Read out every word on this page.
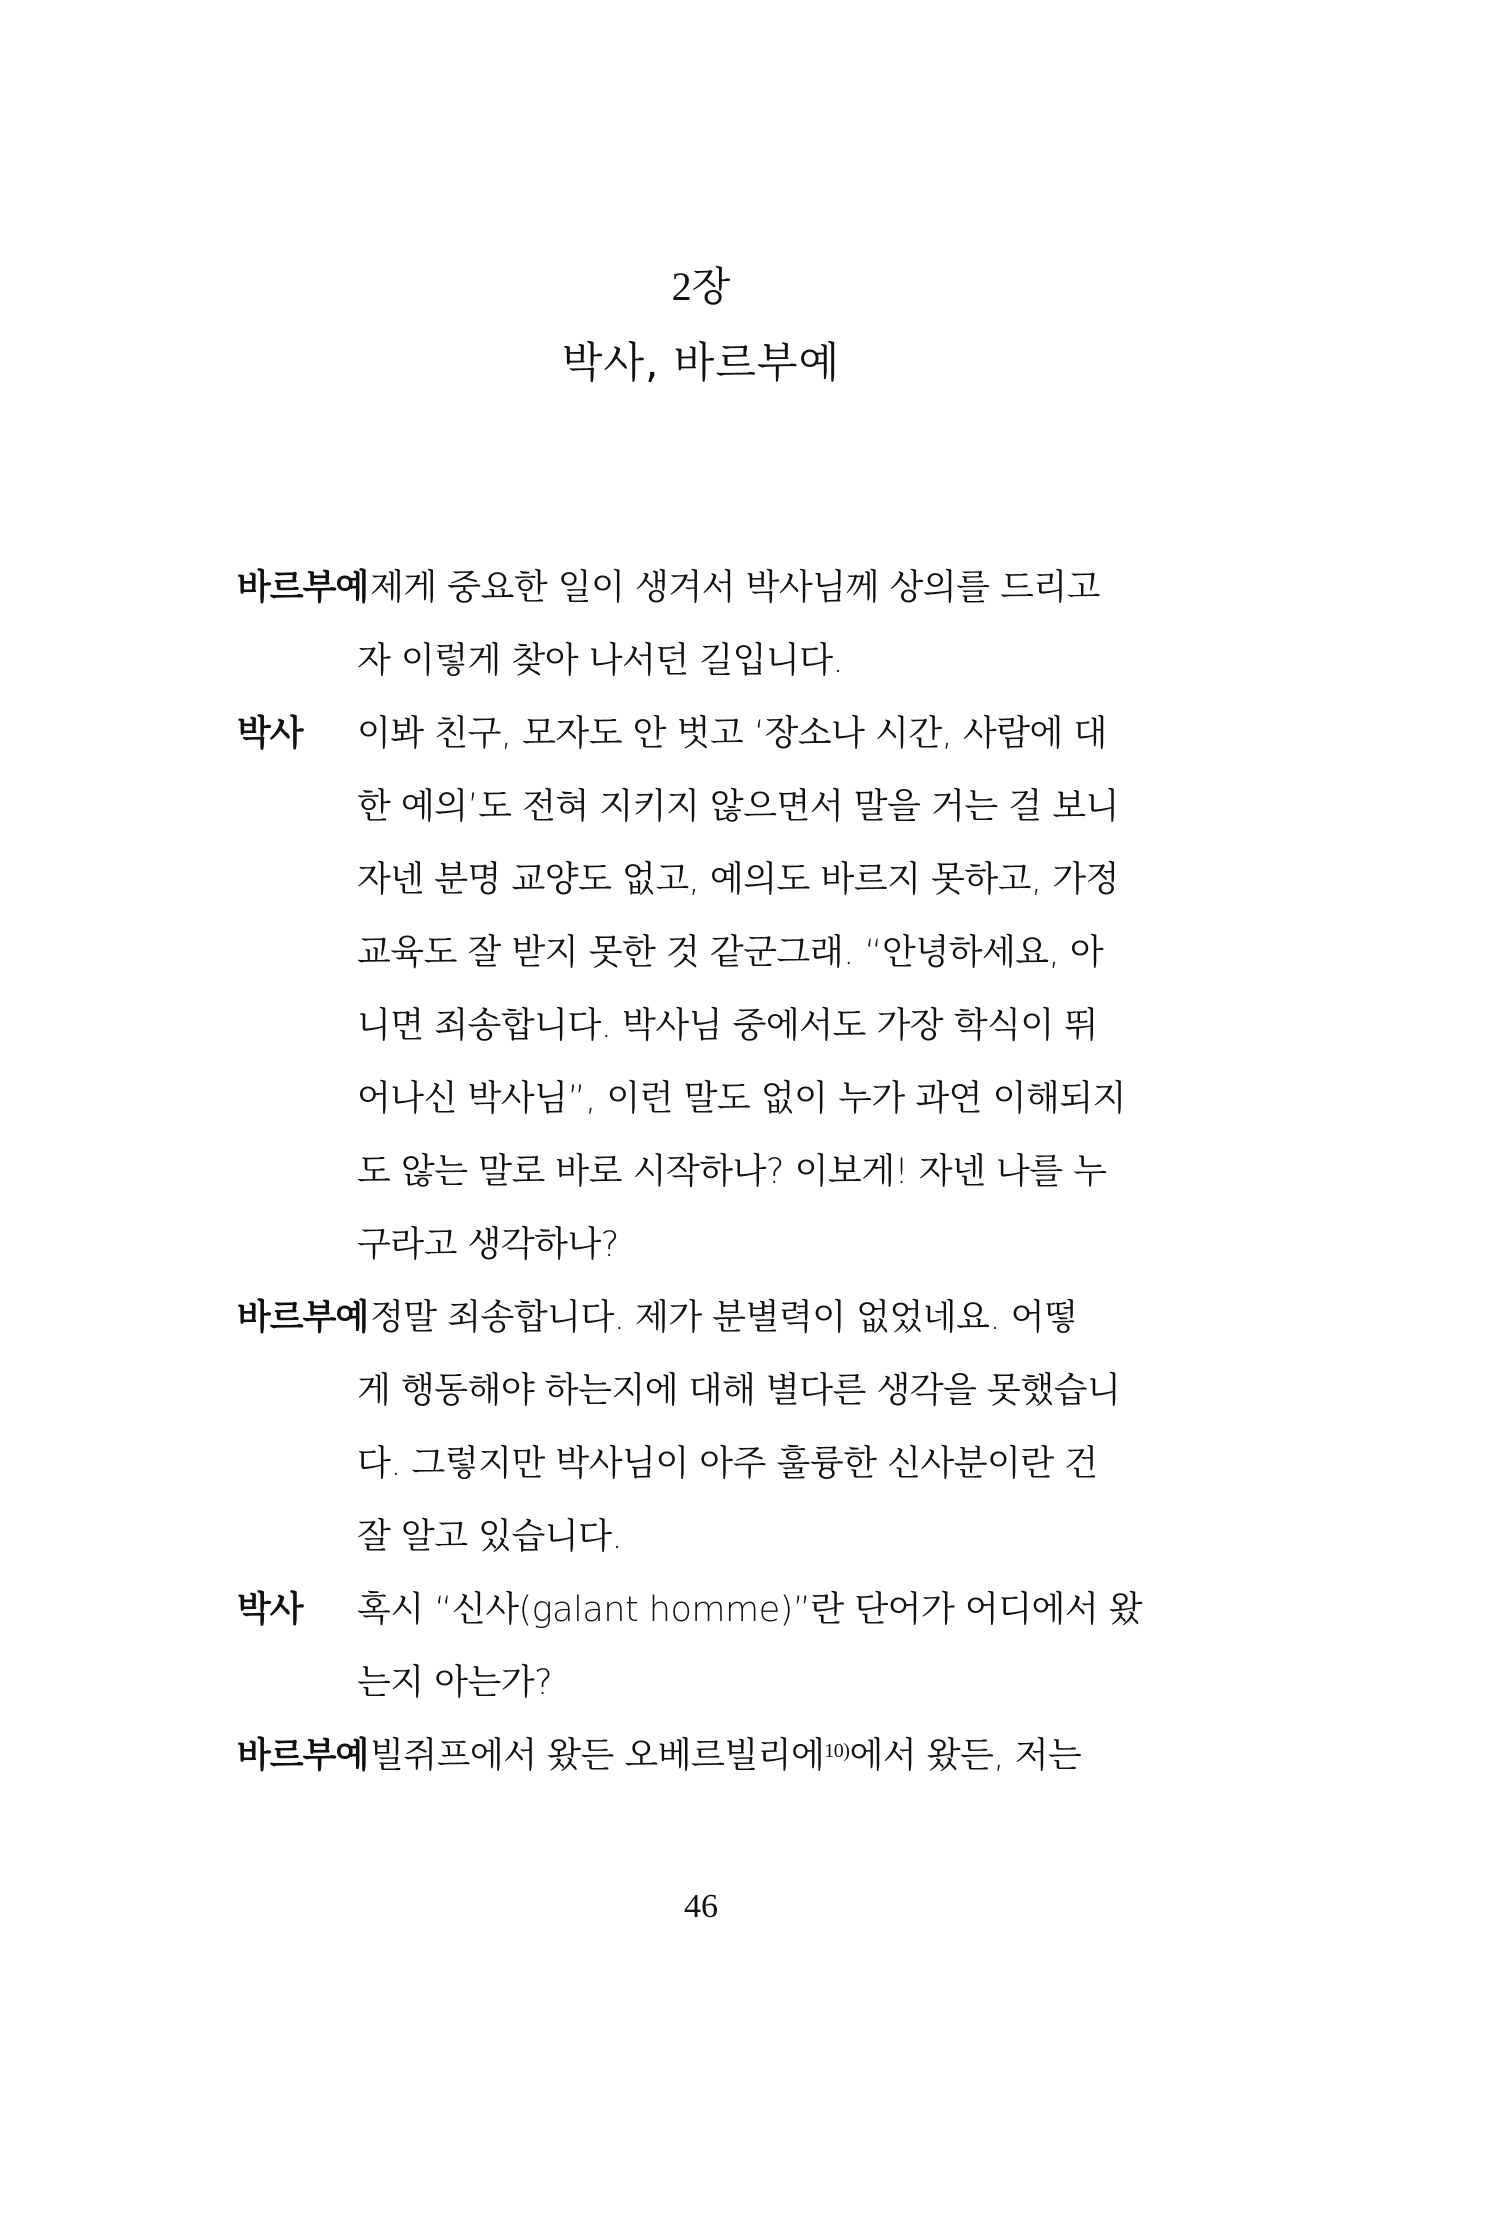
2장
박사, 바르부예
바르부예 제게 중요한 일이 생겨서 박사님께 상의를 드리고
자 이렇게 찾아 나서던 길입니다.
박사 이봐 친구, 모자도 안 벗고 ‘장소나 시간, 사람에 대
한 예의’도 전혀 지키지 않으면서 말을 거는 걸 보니
자넨 분명 교양도 없고, 예의도 바르지 못하고, 가정
교육도 잘 받지 못한 것 같군그래. “안녕하세요, 아
니면 죄송합니다. 박사님 중에서도 가장 학식이 뛰
어나신 박사님”, 이런 말도 없이 누가 과연 이해되지
도 않는 말로 바로 시작하나? 이보게! 자넨 나를 누
구라고 생각하나?
바르부예 정말 죄송합니다. 제가 분별력이 없었네요. 어떻
게 행동해야 하는지에 대해 별다른 생각을 못했습니
다. 그렇지만 박사님이 아주 훌륭한 신사분이란 건
잘 알고 있습니다.
박사 혹시 “신사(galant homme)”란 단어가 어디에서 왔
는지 아는가?
바르부예 빌쥐프에서 왔든 오베르빌리에$^{10)}$에서 왔든, 저는
46
